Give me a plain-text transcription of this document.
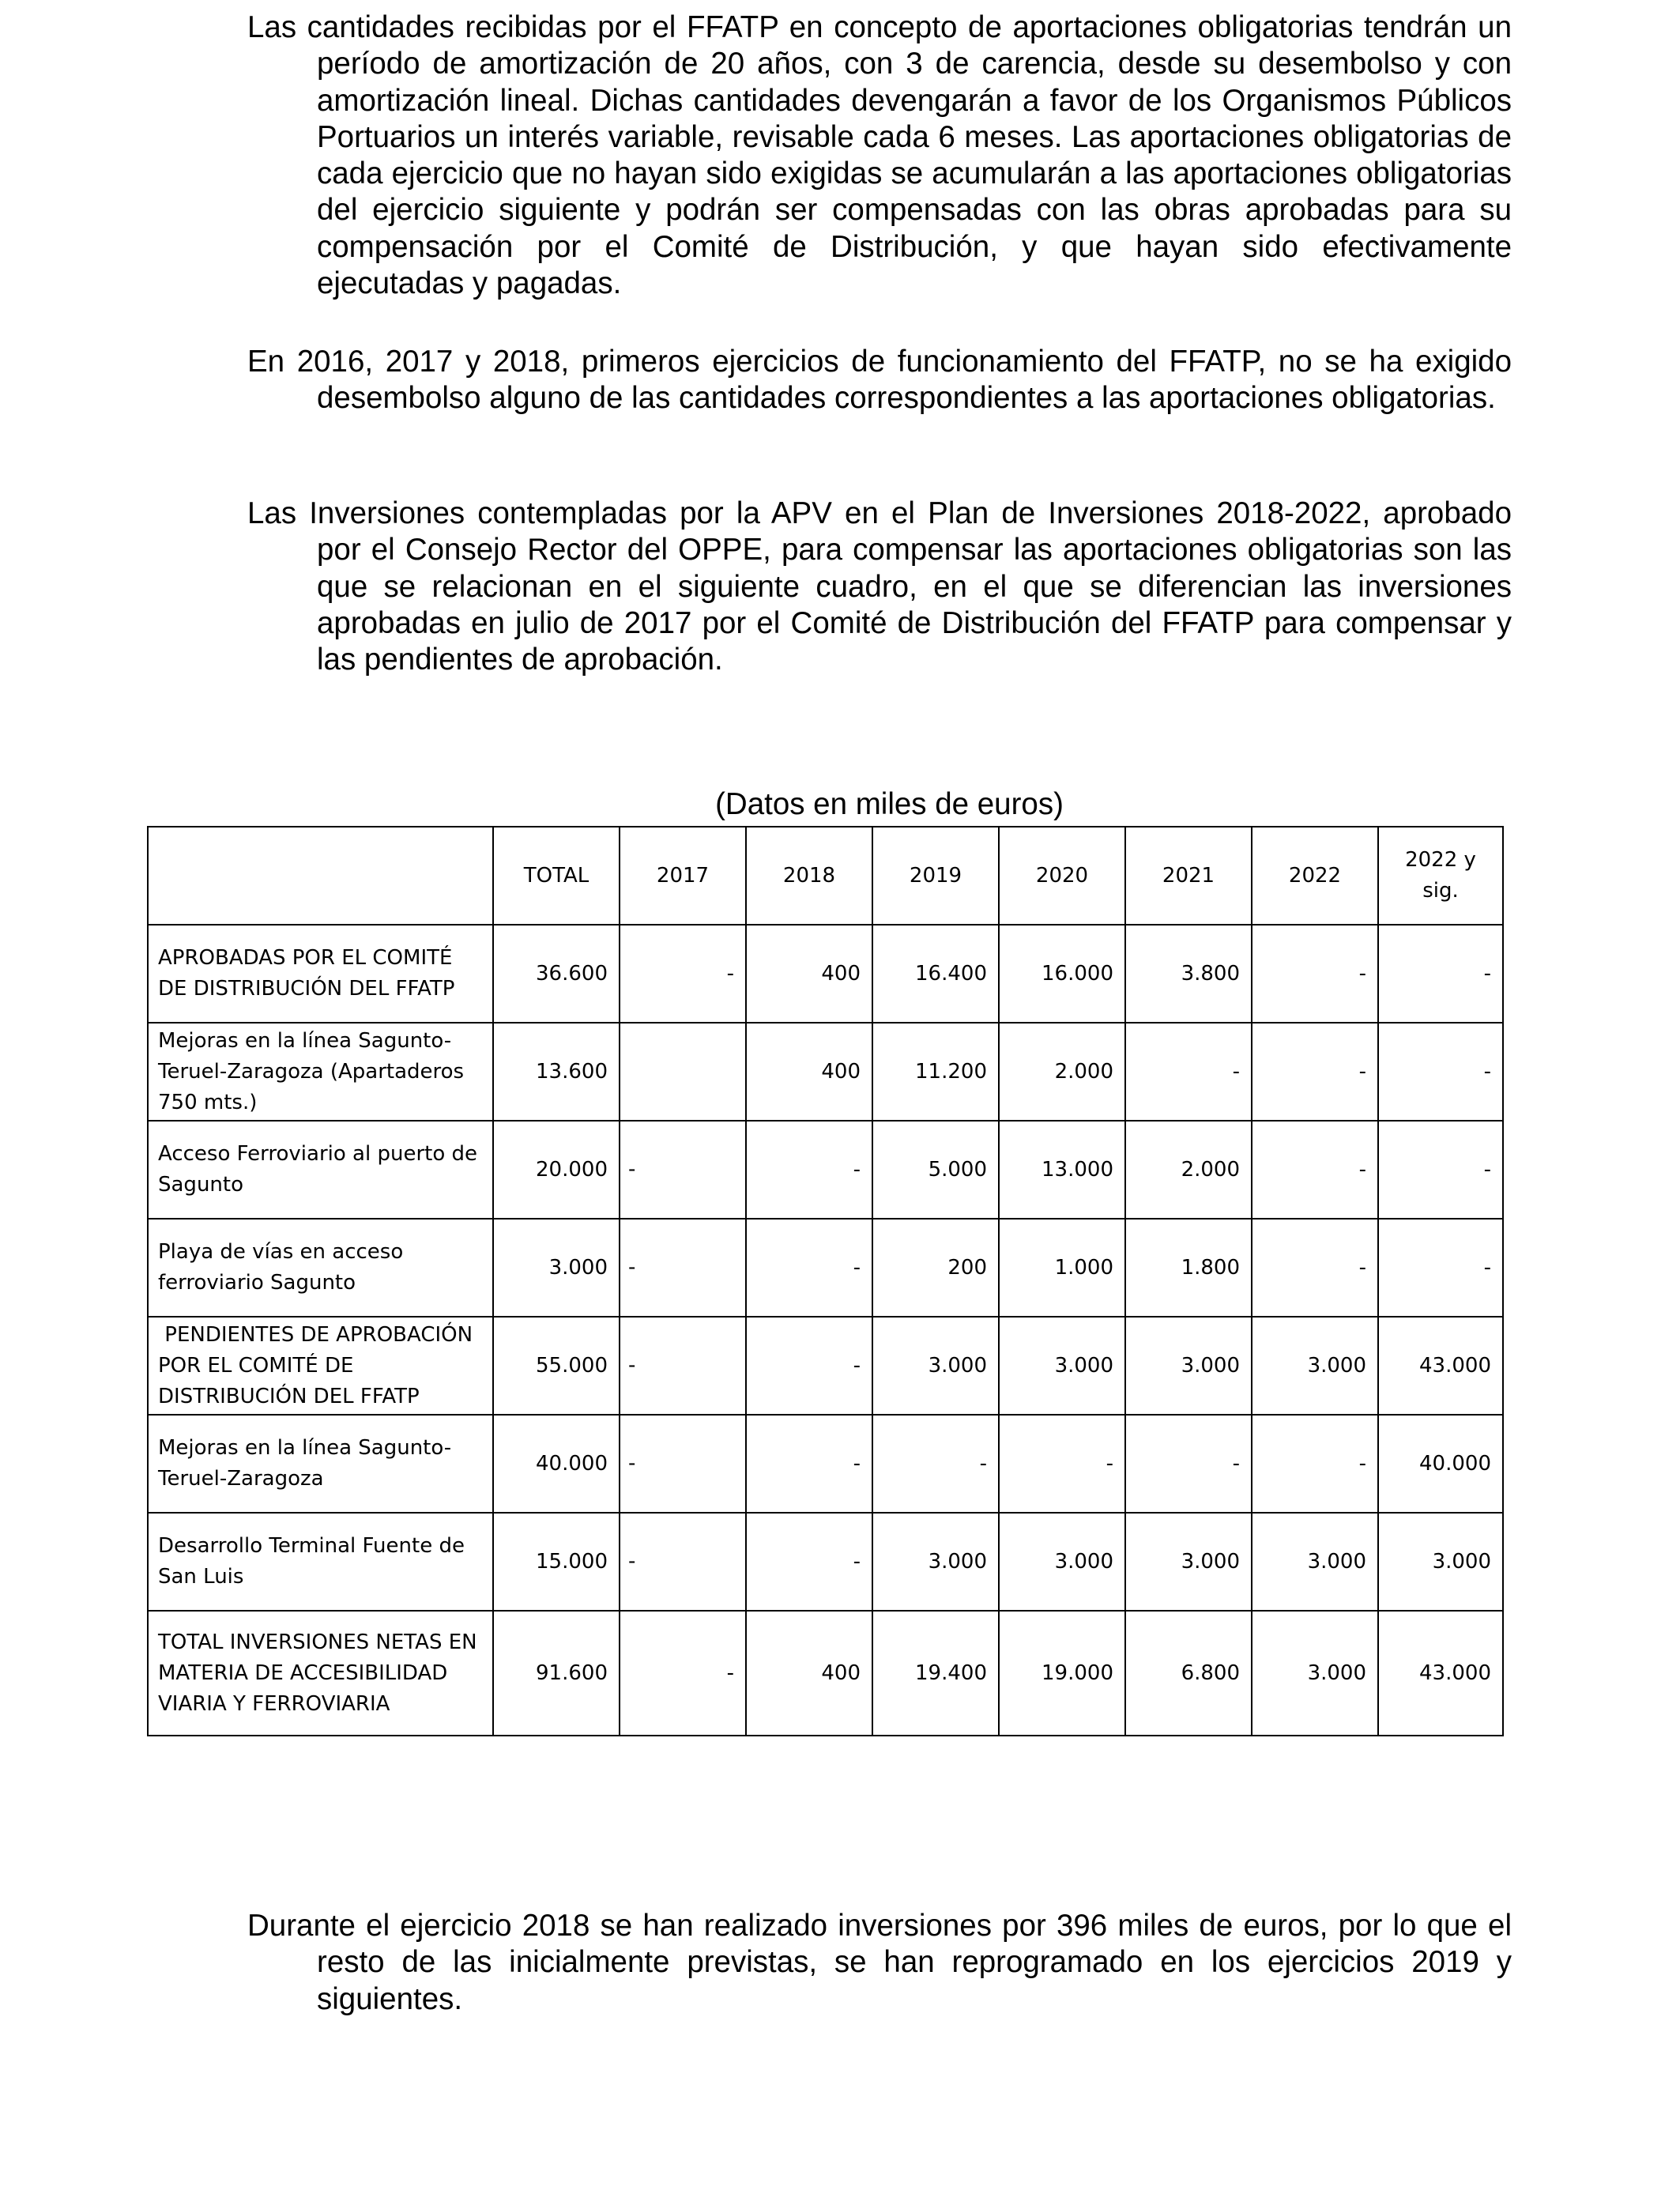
Las cantidades recibidas por el FFATP en concepto de aportaciones obligatorias tendrán un período de amortización de 20 años, con 3 de carencia, desde su desembolso y con amortización lineal. Dichas cantidades devengarán a favor de los Organismos Públicos Portuarios un interés variable, revisable cada 6 meses. Las aportaciones obligatorias de cada ejercicio que no hayan sido exigidas se acumularán a las aportaciones obligatorias del ejercicio siguiente y podrán ser compensadas con las obras aprobadas para su compensación por el Comité de Distribución, y que hayan sido efectivamente ejecutadas y pagadas.

En 2016, 2017 y 2018, primeros ejercicios de funcionamiento del FFATP, no se ha exigido desembolso alguno de las cantidades correspondientes a las aportaciones obligatorias.

Las Inversiones contempladas por la APV en el Plan de Inversiones 2018-2022, aprobado por el Consejo Rector del OPPE, para compensar las aportaciones obligatorias son las que se relacionan en el siguiente cuadro, en el que se diferencian las inversiones aprobadas en julio de 2017 por el Comité de Distribución del FFATP para compensar y las pendientes de aprobación.

(Datos en miles de euros)

	TOTAL	2017	2018	2019	2020	2021	2022	2022 y sig.
APROBADAS POR EL COMITÉ DE DISTRIBUCIÓN DEL FFATP	36.600	-	400	16.400	16.000	3.800	-	-
Mejoras en la línea Sagunto-Teruel-Zaragoza (Apartaderos 750 mts.)	13.600		400	11.200	2.000	-	-	-
Acceso Ferroviario al puerto de Sagunto	20.000	-	-	5.000	13.000	2.000	-	-
Playa de vías en acceso ferroviario Sagunto	3.000	-	-	200	1.000	1.800	-	-
PENDIENTES DE APROBACIÓN POR EL COMITÉ DE DISTRIBUCIÓN DEL FFATP	55.000	-	-	3.000	3.000	3.000	3.000	43.000
Mejoras en la línea Sagunto-Teruel-Zaragoza	40.000	-	-	-	-	-	-	40.000
Desarrollo Terminal Fuente de San Luis	15.000	-	-	3.000	3.000	3.000	3.000	3.000
TOTAL INVERSIONES NETAS EN MATERIA DE ACCESIBILIDAD VIARIA Y FERROVIARIA	91.600	-	400	19.400	19.000	6.800	3.000	43.000

Durante el ejercicio 2018 se han realizado inversiones por 396 miles de euros, por lo que el resto de las inicialmente previstas, se han reprogramado en los ejercicios 2019 y siguientes.
